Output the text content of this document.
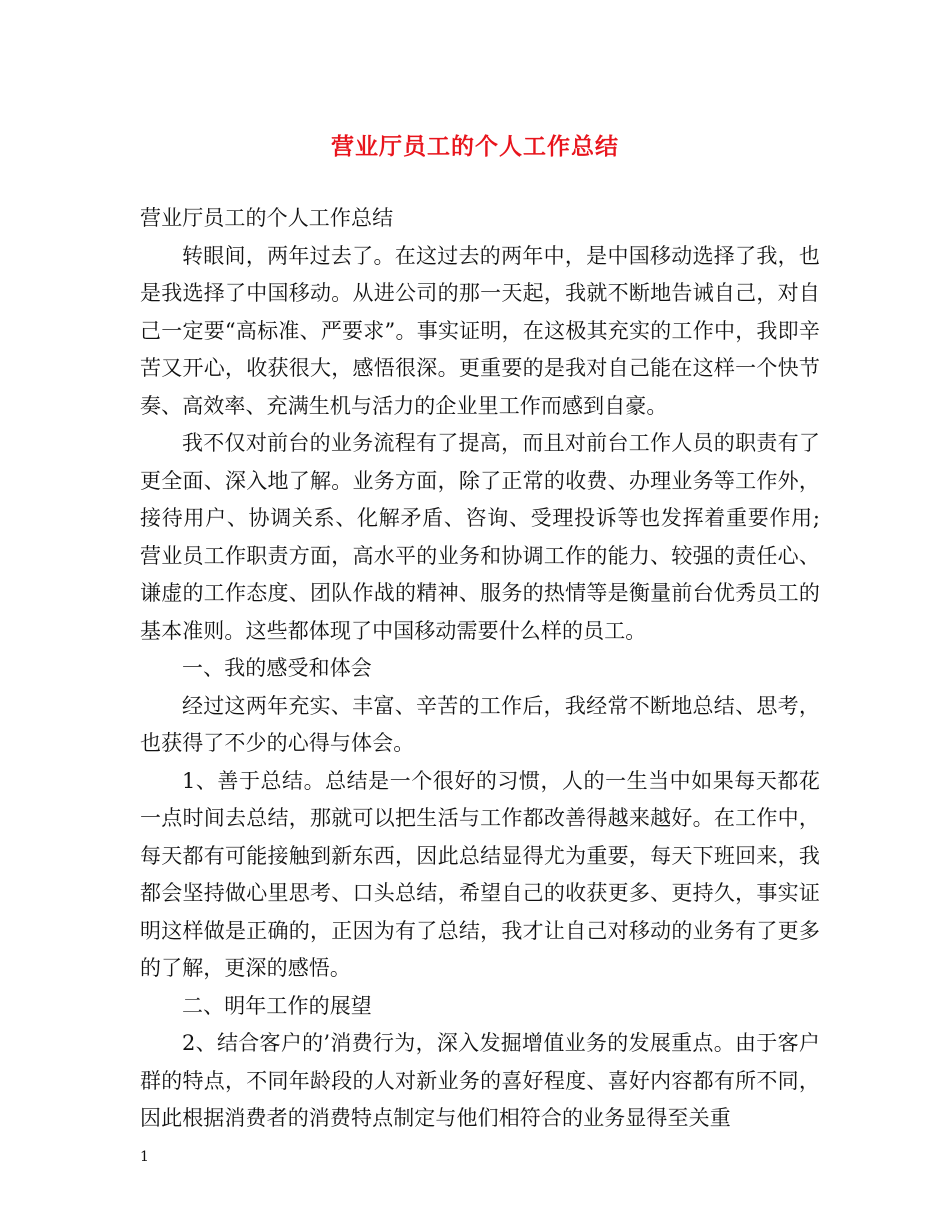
营业厅员工的个人工作总结

营业厅员工的个人工作总结

转眼间，两年过去了。在这过去的两年中，是中国移动选择了我，也是我选择了中国移动。从进公司的那一天起，我就不断地告诫自己，对自己一定要“高标准、严要求”。事实证明，在这极其充实的工作中，我即辛苦又开心，收获很大，感悟很深。更重要的是我对自己能在这样一个快节奏、高效率、充满生机与活力的企业里工作而感到自豪。

我不仅对前台的业务流程有了提高，而且对前台工作人员的职责有了更全面、深入地了解。业务方面，除了正常的收费、办理业务等工作外，接待用户、协调关系、化解矛盾、咨询、受理投诉等也发挥着重要作用;营业员工作职责方面，高水平的业务和协调工作的能力、较强的责任心、谦虚的工作态度、团队作战的精神、服务的热情等是衡量前台优秀员工的基本准则。这些都体现了中国移动需要什么样的员工。

一、我的感受和体会

经过这两年充实、丰富、辛苦的工作后，我经常不断地总结、思考，也获得了不少的心得与体会。

1、善于总结。总结是一个很好的习惯，人的一生当中如果每天都花一点时间去总结，那就可以把生活与工作都改善得越来越好。在工作中，每天都有可能接触到新东西，因此总结显得尤为重要，每天下班回来，我都会坚持做心里思考、口头总结，希望自己的收获更多、更持久，事实证明这样做是正确的，正因为有了总结，我才让自己对移动的业务有了更多的了解，更深的感悟。

二、明年工作的展望

2、结合客户的’消费行为，深入发掘增值业务的发展重点。由于客户群的特点，不同年龄段的人对新业务的喜好程度、喜好内容都有所不同，因此根据消费者的消费特点制定与他们相符合的业务显得至关重

1
